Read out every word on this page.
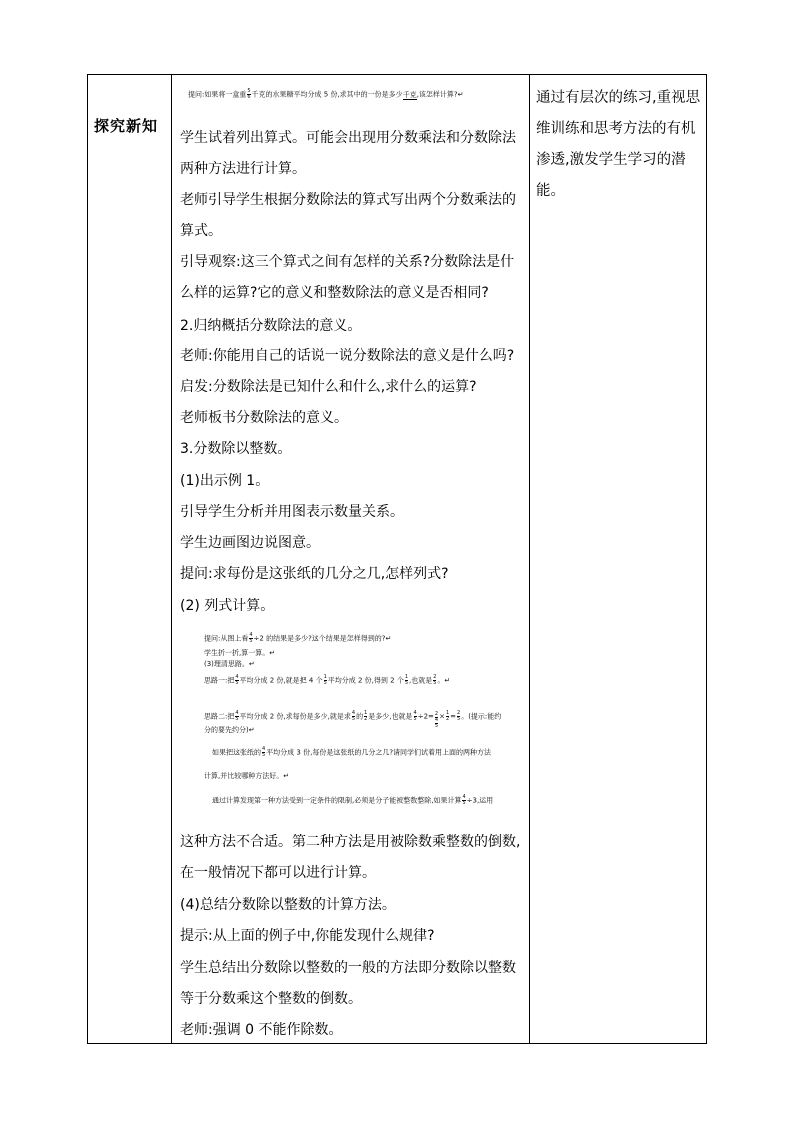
探究新知
通过有层次的练习,重视思维训练和思考方法的有机渗透,激发学生学习的潜能。
提问:如果将一盒重 $\frac{5}{6}$ 千克的水果糖平均分成 5 份,求其中的一份是多少千克,该怎样计算?↵
学生试着列出算式。可能会出现用分数乘法和分数除法
两种方法进行计算。
老师引导学生根据分数除法的算式写出两个分数乘法的
算式。
引导观察:这三个算式之间有怎样的关系?分数除法是什
么样的运算?它的意义和整数除法的意义是否相同?
2.归纳概括分数除法的意义。
老师:你能用自己的话说一说分数除法的意义是什么吗?
启发:分数除法是已知什么和什么,求什么的运算?
老师板书分数除法的意义。
3.分数除以整数。
(1)出示例 1。
引导学生分析并用图表示数量关系。
学生边画图边说图意。
提问:求每份是这张纸的几分之几,怎样列式?
(2) 列式计算。
提问:从图上看 $\frac{4}{5} \div 2$ 的结果是多少?这个结果是怎样得到的?↵
学生折一折,算一算。↵
(3)理清思路。↵
思路一:把 $\frac{4}{5}$ 平均分成 2 份,就是把 4 个 $\frac{1}{5}$ 平均分成 2 份,得到 2 个 $\frac{1}{5}$ ,也就是 $\frac{2}{5}$ 。↵
思路二:把 $\frac{4}{5}$ 平均分成 2 份,求每份是多少,就是求 $\frac{4}{5}$ 的 $\frac{1}{2}$ 是多少,也就是 $\frac{4}{5} \div 2= 2$
4
5
× $\frac{1}{2} = \frac{2}{5}$ 。(提示:能约
分的要先约分)↵
如果把这张纸的 $\frac{4}{5}$ 平均分成 3 份,每份是这张纸的几分之几?请同学们试着用上面的两种方法
计算,并比较哪种方法好。↵
通过计算发现第一种方法受到一定条件的限制,必须是分子能被整数整除,如果计算 $\frac{4}{5} \div 3$,运用
这种方法不合适。第二种方法是用被除数乘整数的倒数,
在一般情况下都可以进行计算。
(4)总结分数除以整数的计算方法。
提示:从上面的例子中,你能发现什么规律?
学生总结出分数除以整数的一般的方法即分数除以整数
等于分数乘这个整数的倒数。
老师:强调 0 不能作除数。
